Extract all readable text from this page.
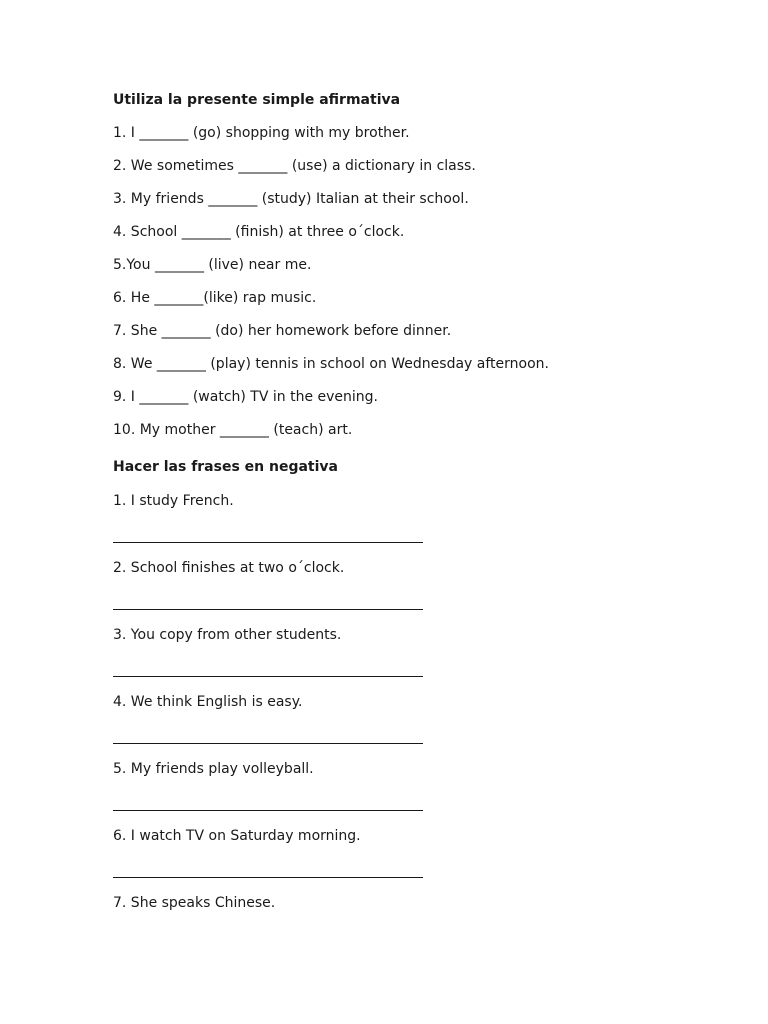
Utiliza la presente simple afirmativa

1. I _______ (go) shopping with my brother.

2. We sometimes _______ (use) a dictionary in class.

3. My friends _______ (study) Italian at their school.

4. School _______ (finish) at three o´clock.

5.You _______ (live) near me.

6. He _______(like) rap music.

7. She _______ (do) her homework before dinner.

8. We _______ (play) tennis in school on Wednesday afternoon.

9. I _______ (watch) TV in the evening.

10. My mother _______ (teach) art.

Hacer las frases en negativa

1. I study French.

2. School finishes at two o´clock.

3. You copy from other students.

4. We think English is easy.

5. My friends play volleyball.

6. I watch TV on Saturday morning.

7. She speaks Chinese.
